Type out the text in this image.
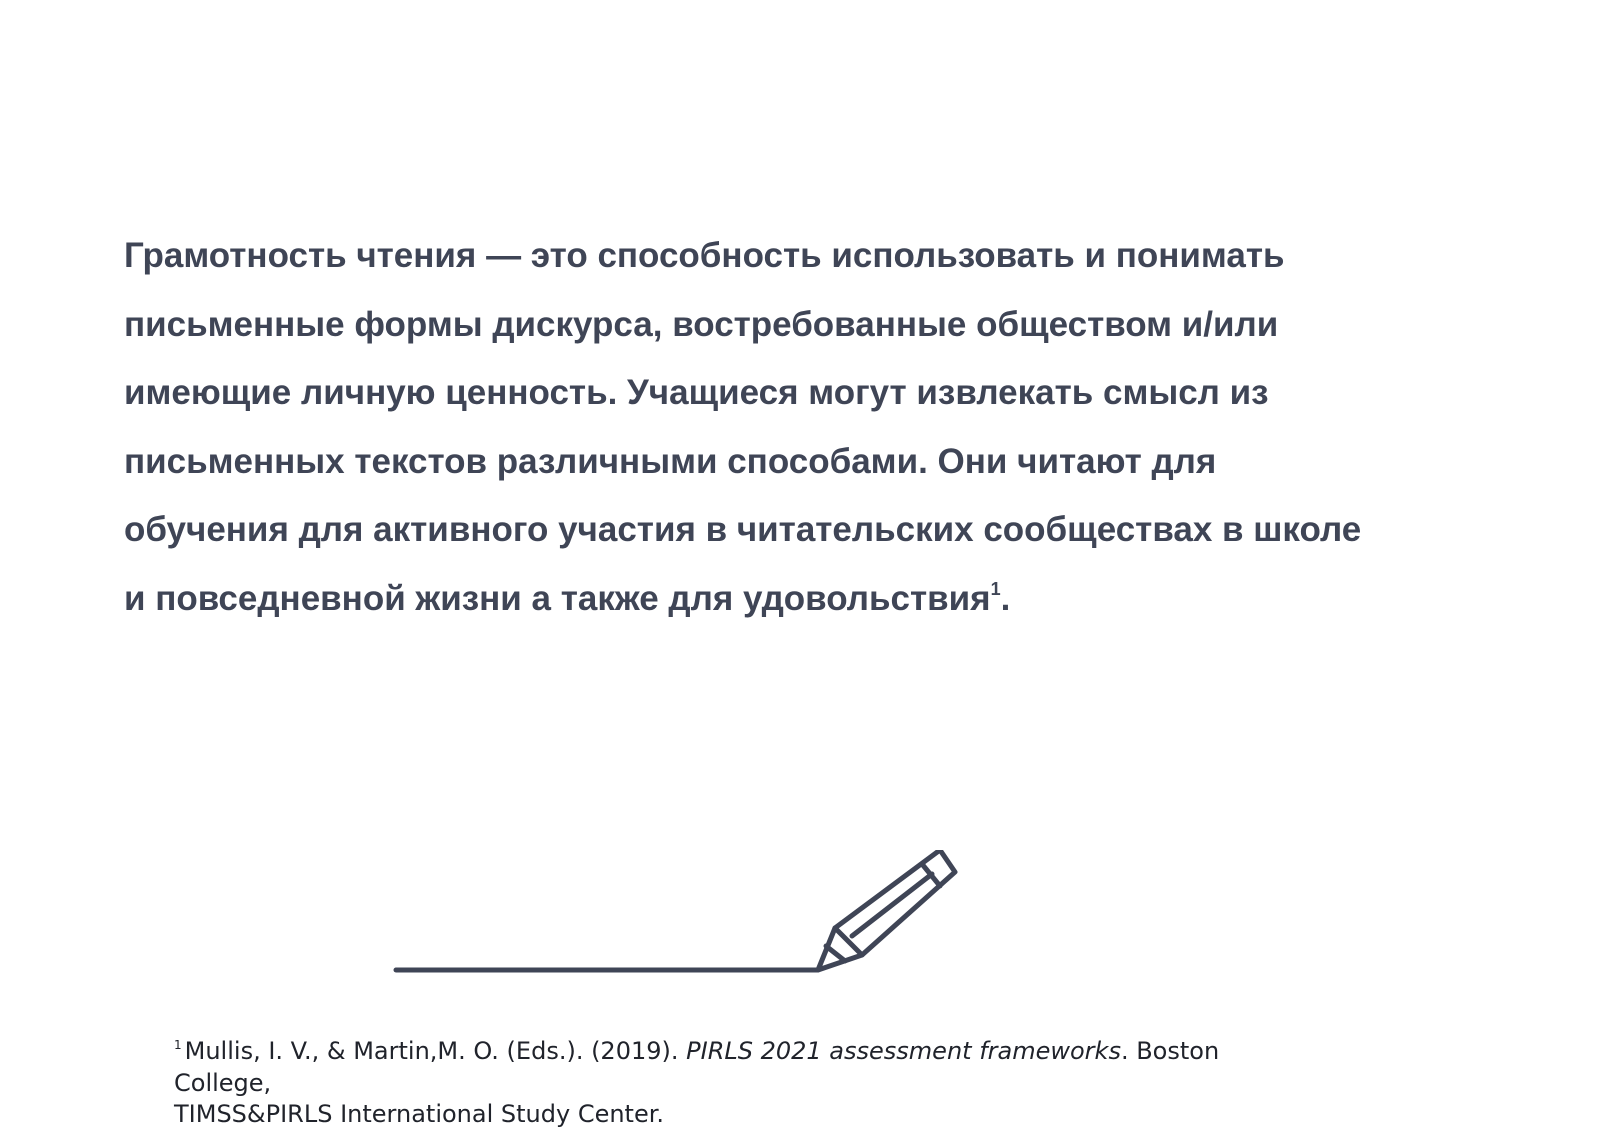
Грамотность чтения — это способность использовать и понимать письменные формы дискурса, востребованные обществом и/или имеющие личную ценность. Учащиеся могут извлекать смысл из письменных текстов различными способами. Они читают для обучения для активного участия в читательских сообществах в школе и повседневной жизни а также для удовольствия$^1$.

$^1$ Mullis, I. V., & Martin,M. O. (Eds.). (2019). PIRLS 2021 assessment frameworks. Boston College,
TIMSS&PIRLS International Study Center.
